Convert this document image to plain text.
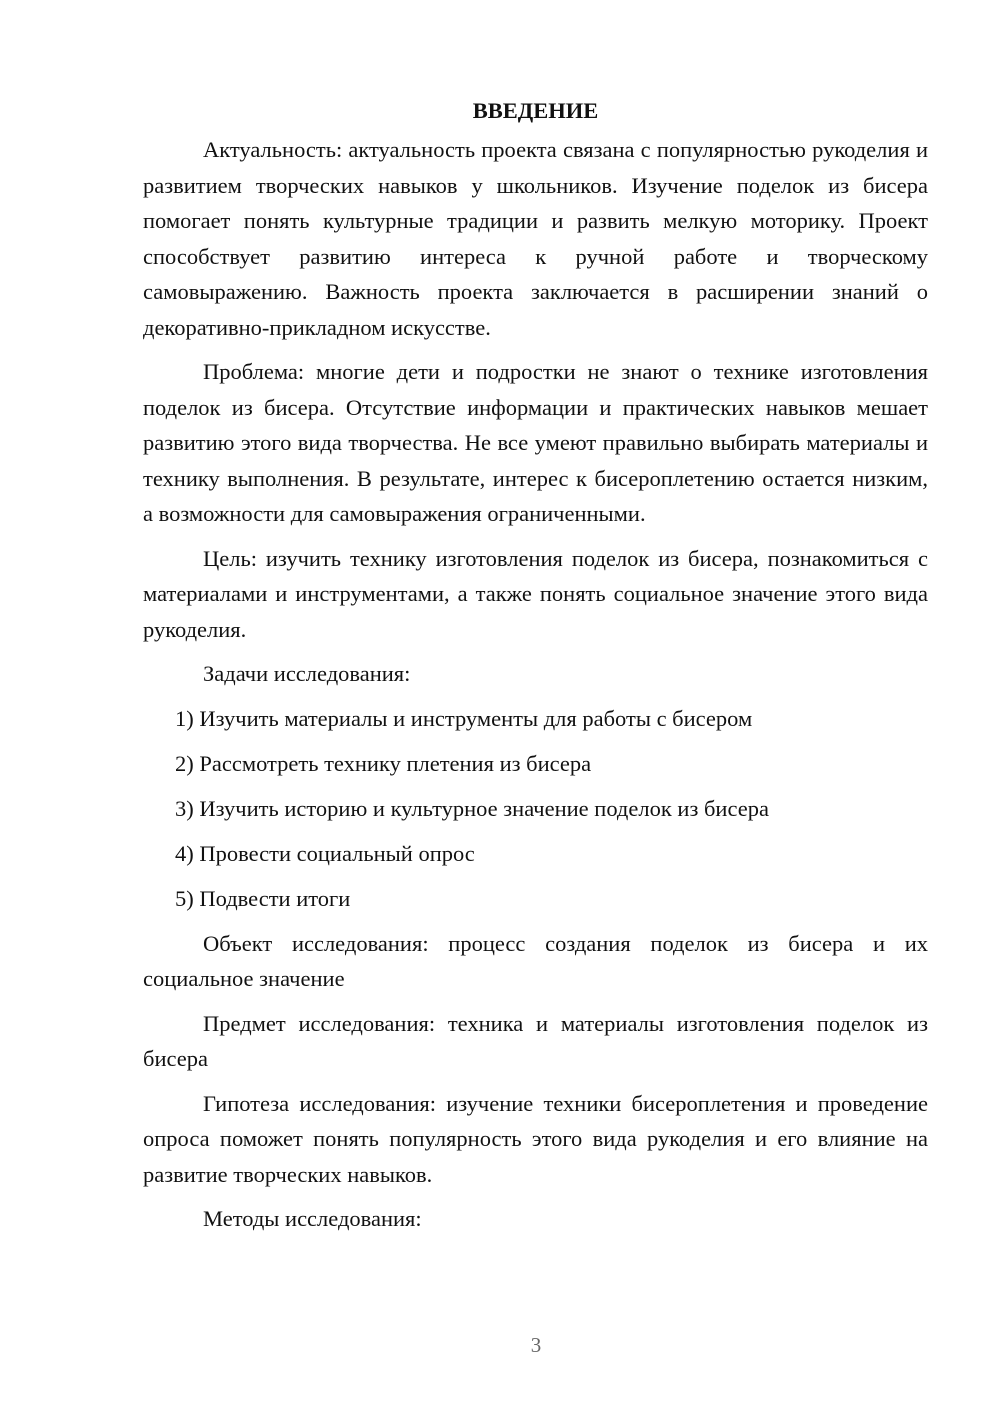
ВВЕДЕНИЕ

Актуальность: актуальность проекта связана с популярностью рукоделия и развитием творческих навыков у школьников. Изучение поделок из бисера помогает понять культурные традиции и развить мелкую моторику. Проект способствует развитию интереса к ручной работе и творческому самовыражению. Важность проекта заключается в расширении знаний о декоративно-прикладном искусстве.

Проблема: многие дети и подростки не знают о технике изготовления поделок из бисера. Отсутствие информации и практических навыков мешает развитию этого вида творчества. Не все умеют правильно выбирать материалы и технику выполнения. В результате, интерес к бисероплетению остается низким, а возможности для самовыражения ограниченными.

Цель: изучить технику изготовления поделок из бисера, познакомиться с материалами и инструментами, а также понять социальное значение этого вида рукоделия.

Задачи исследования:

1) Изучить материалы и инструменты для работы с бисером
2) Рассмотреть технику плетения из бисера
3) Изучить историю и культурное значение поделок из бисера
4) Провести социальный опрос
5) Подвести итоги

Объект исследования: процесс создания поделок из бисера и их социальное значение

Предмет исследования: техника и материалы изготовления поделок из бисера

Гипотеза исследования: изучение техники бисероплетения и проведение опроса поможет понять популярность этого вида рукоделия и его влияние на развитие творческих навыков.

Методы исследования:

3
